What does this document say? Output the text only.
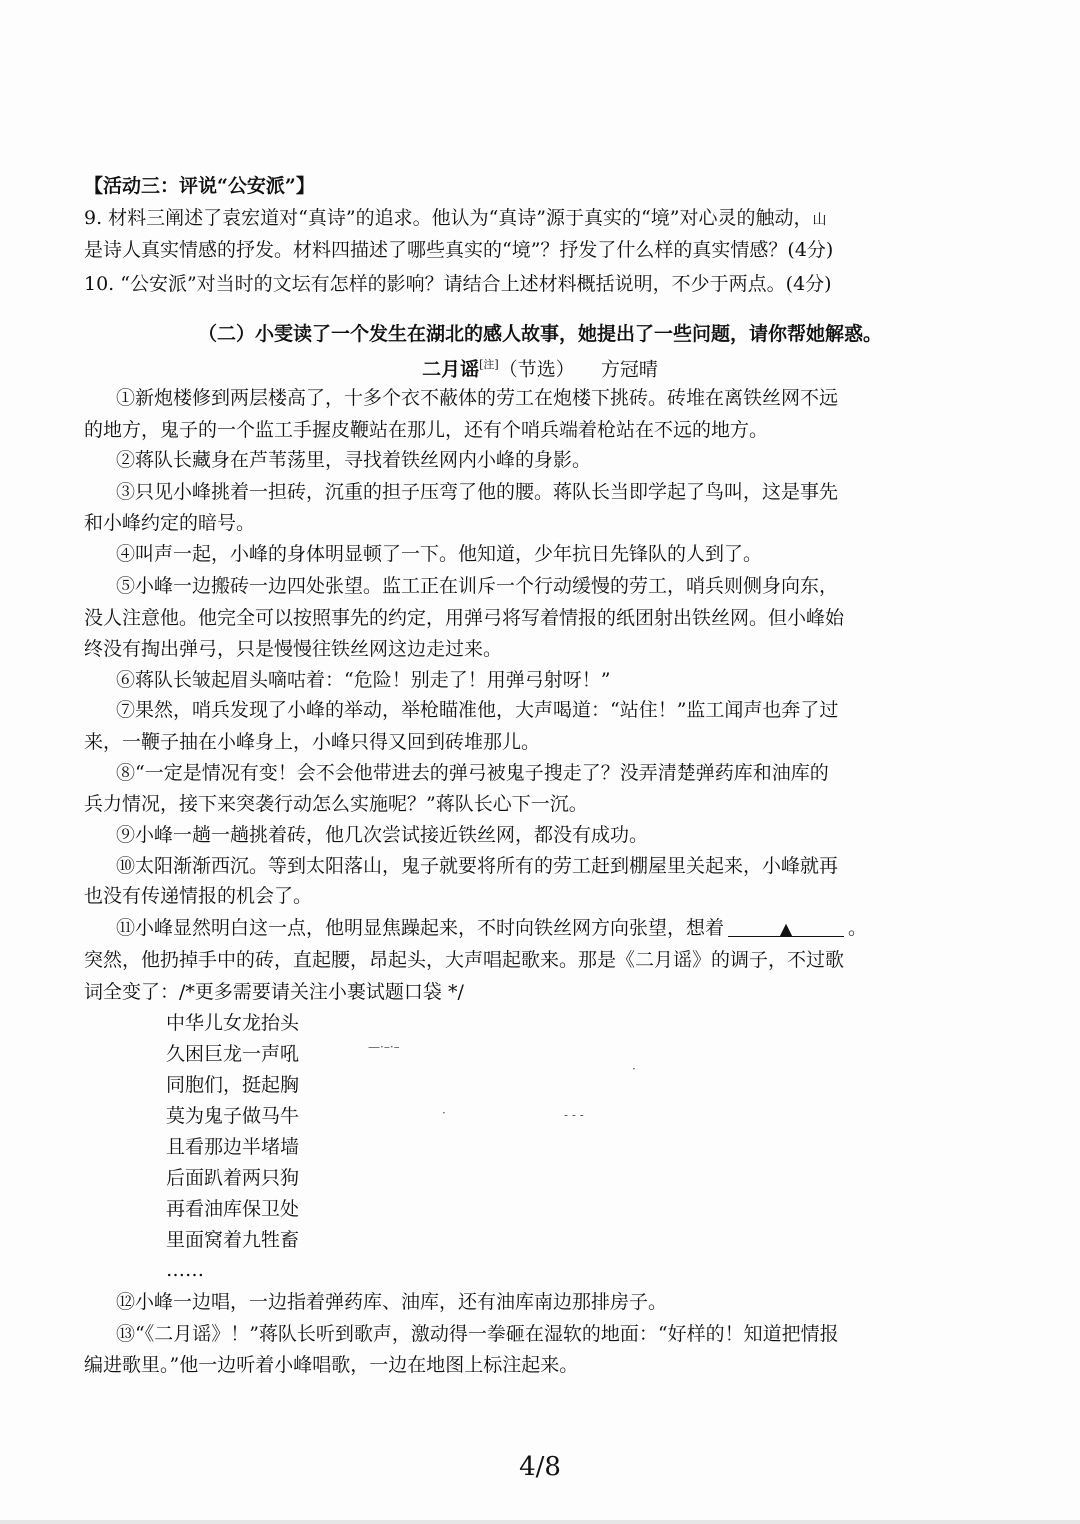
【活动三：评说“公安派”】
9. 材料三阐述了袁宏道对“真诗”的追求。他认为“真诗”源于真实的“境”对心灵的触动，山
是诗人真实情感的抒发。材料四描述了哪些真实的“境”？抒发了什么样的真实情感？(4分)
10. “公安派”对当时的文坛有怎样的影响？请结合上述材料概括说明，不少于两点。(4分)
（二）小雯读了一个发生在湖北的感人故事，她提出了一些问题，请你帮她解惑。
二月谣[注]（节选） 方冠晴
①新炮楼修到两层楼高了，十多个衣不蔽体的劳工在炮楼下挑砖。砖堆在离铁丝网不远
的地方，鬼子的一个监工手握皮鞭站在那儿，还有个哨兵端着枪站在不远的地方。
②蒋队长藏身在芦苇荡里，寻找着铁丝网内小峰的身影。
③只见小峰挑着一担砖，沉重的担子压弯了他的腰。蒋队长当即学起了鸟叫，这是事先
和小峰约定的暗号。
④叫声一起，小峰的身体明显顿了一下。他知道，少年抗日先锋队的人到了。
⑤小峰一边搬砖一边四处张望。监工正在训斥一个行动缓慢的劳工，哨兵则侧身向东，
没人注意他。他完全可以按照事先的约定，用弹弓将写着情报的纸团射出铁丝网。但小峰始
终没有掏出弹弓，只是慢慢往铁丝网这边走过来。
⑥蒋队长皱起眉头嘀咕着：“危险！别走了！用弹弓射呀！”
⑦果然，哨兵发现了小峰的举动，举枪瞄准他，大声喝道：“站住！”监工闻声也奔了过
来，一鞭子抽在小峰身上，小峰只得又回到砖堆那儿。
⑧“一定是情况有变！会不会他带进去的弹弓被鬼子搜走了？没弄清楚弹药库和油库的
兵力情况，接下来突袭行动怎么实施呢？”蒋队长心下一沉。
⑨小峰一趟一趟挑着砖，他几次尝试接近铁丝网，都没有成功。
⑩太阳渐渐西沉。等到太阳落山，鬼子就要将所有的劳工赶到棚屋里关起来，小峰就再
也没有传递情报的机会了。
⑪小峰显然明白这一点，他明显焦躁起来，不时向铁丝网方向张望，想着	▲	。
突然，他扔掉手中的砖，直起腰，昂起头，大声唱起歌来。那是《二月谣》的调子，不过歌
词全变了：/*更多需要请关注小裹试题口袋 */
中华儿女龙抬头
久困巨龙一声吼
同胞们，挺起胸
莫为鬼子做马牛
且看那边半堵墙
后面趴着两只狗
再看油库保卫处
里面窝着九牲畜
……
—·–·–
·
·	- - -
⑫小峰一边唱，一边指着弹药库、油库，还有油库南边那排房子。
⑬“《二月谣》！”蒋队长听到歌声，激动得一拳砸在湿软的地面：“好样的！知道把情报
编进歌里。”他一边听着小峰唱歌，一边在地图上标注起来。
4/8
